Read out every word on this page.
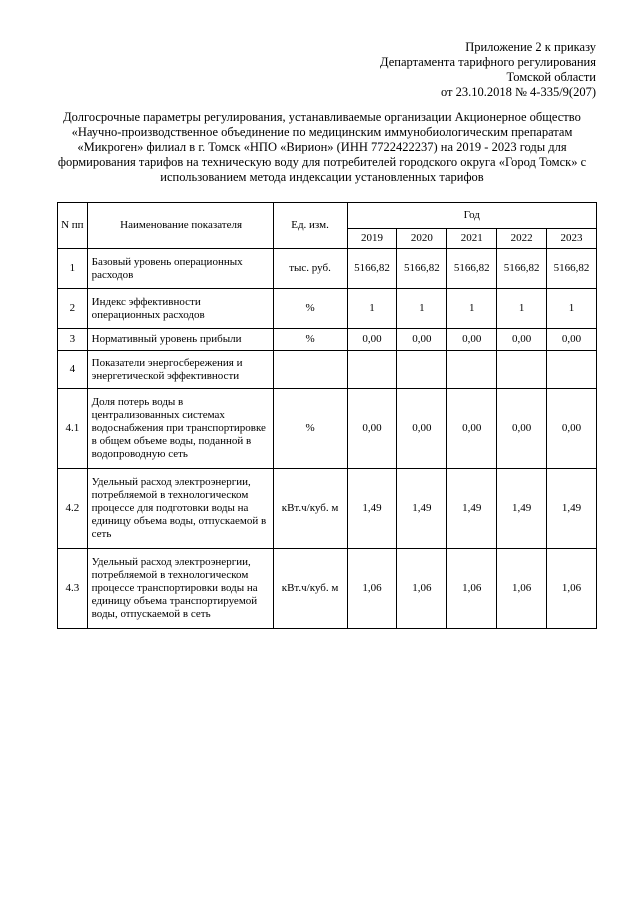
Приложение 2 к приказу
Департамента тарифного регулирования
Томской области
от 23.10.2018 № 4-335/9(207)
Долгосрочные параметры регулирования, устанавливаемые организации Акционерное общество «Научно-производственное объединение по медицинским иммунобиологическим препаратам «Микроген» филиал в г. Томск «НПО «Вирион» (ИНН 7722422237) на 2019 - 2023 годы для формирования тарифов на техническую воду для потребителей городского округа «Город Томск» с использованием метода индексации установленных тарифов
N пп	Наименование показателя	Ед. изм.	Год				
			2019	2020	2021	2022	2023
1	Базовый уровень операционных расходов	тыс. руб.	5166,82	5166,82	5166,82	5166,82	5166,82
2	Индекс эффективности операционных расходов	%	1	1	1	1	1
3	Нормативный уровень прибыли	%	0,00	0,00	0,00	0,00	0,00
4	Показатели энергосбережения и энергетической эффективности						
4.1	Доля потерь воды в централизованных системах водоснабжения при транспортировке в общем объеме воды, поданной в водопроводную сеть	%	0,00	0,00	0,00	0,00	0,00
4.2	Удельный расход электроэнергии, потребляемой в технологическом процессе для подготовки воды на единицу объема воды, отпускаемой в сеть	кВт.ч/куб. м	1,49	1,49	1,49	1,49	1,49
4.3	Удельный расход электроэнергии, потребляемой в технологическом процессе транспортировки воды на единицу объема транспортируемой воды, отпускаемой в сеть	кВт.ч/куб. м	1,06	1,06	1,06	1,06	1,06
